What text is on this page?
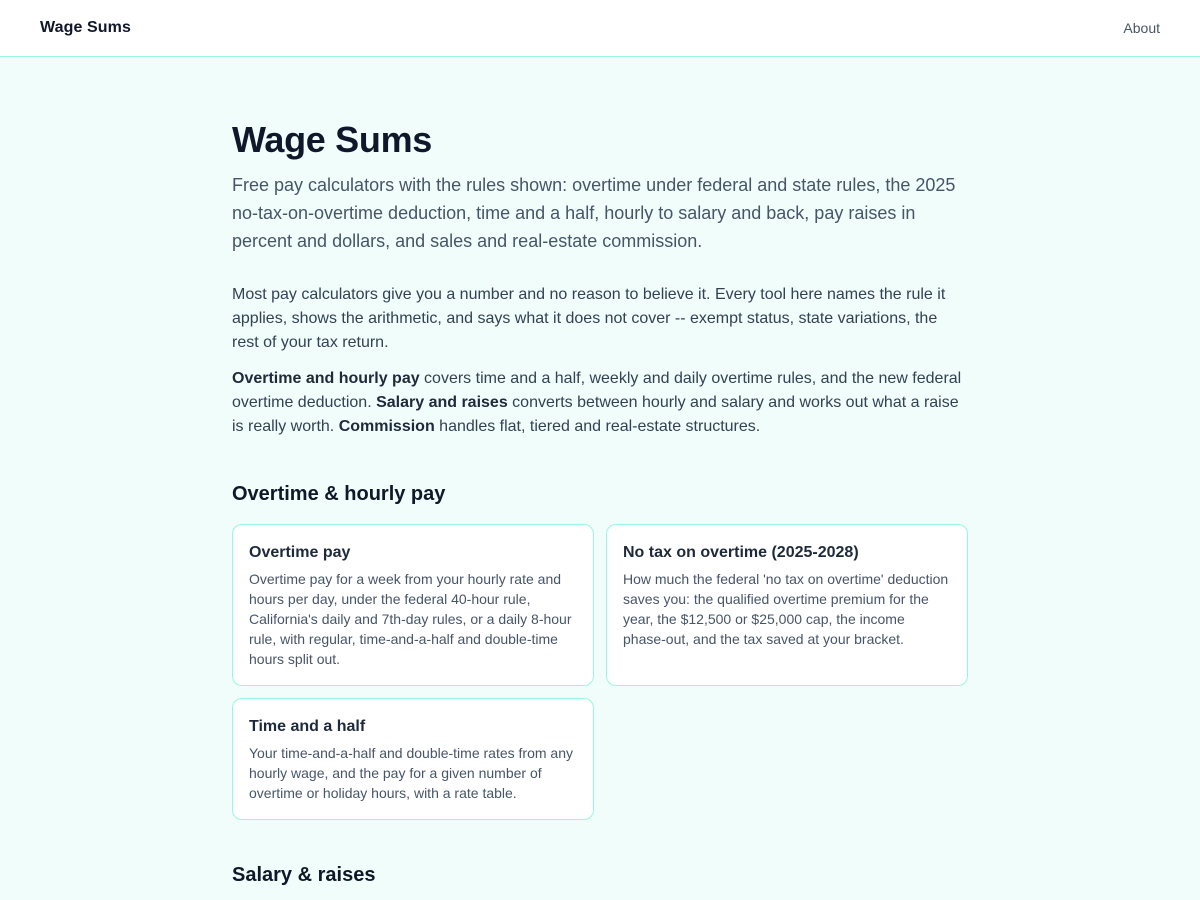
Wage Sums	About
Wage Sums

Free pay calculators with the rules shown: overtime under federal and state rules, the 2025 no-tax-on-overtime deduction, time and a half, hourly to salary and back, pay raises in percent and dollars, and sales and real-estate commission.

Most pay calculators give you a number and no reason to believe it. Every tool here names the rule it applies, shows the arithmetic, and says what it does not cover -- exempt status, state variations, the rest of your tax return.

Overtime and hourly pay covers time and a half, weekly and daily overtime rules, and the new federal overtime deduction. Salary and raises converts between hourly and salary and works out what a raise is really worth. Commission handles flat, tiered and real-estate structures.

Overtime & hourly pay
Overtime pay
Overtime pay for a week from your hourly rate and hours per day, under the federal 40-hour rule, California's daily and 7th-day rules, or a daily 8-hour rule, with regular, time-and-a-half and double-time hours split out.
No tax on overtime (2025-2028)
How much the federal 'no tax on overtime' deduction saves you: the qualified overtime premium for the year, the $12,500 or $25,000 cap, the income phase-out, and the tax saved at your bracket.
Time and a half
Your time-and-a-half and double-time rates from any hourly wage, and the pay for a given number of overtime or holiday hours, with a rate table.
Salary & raises
